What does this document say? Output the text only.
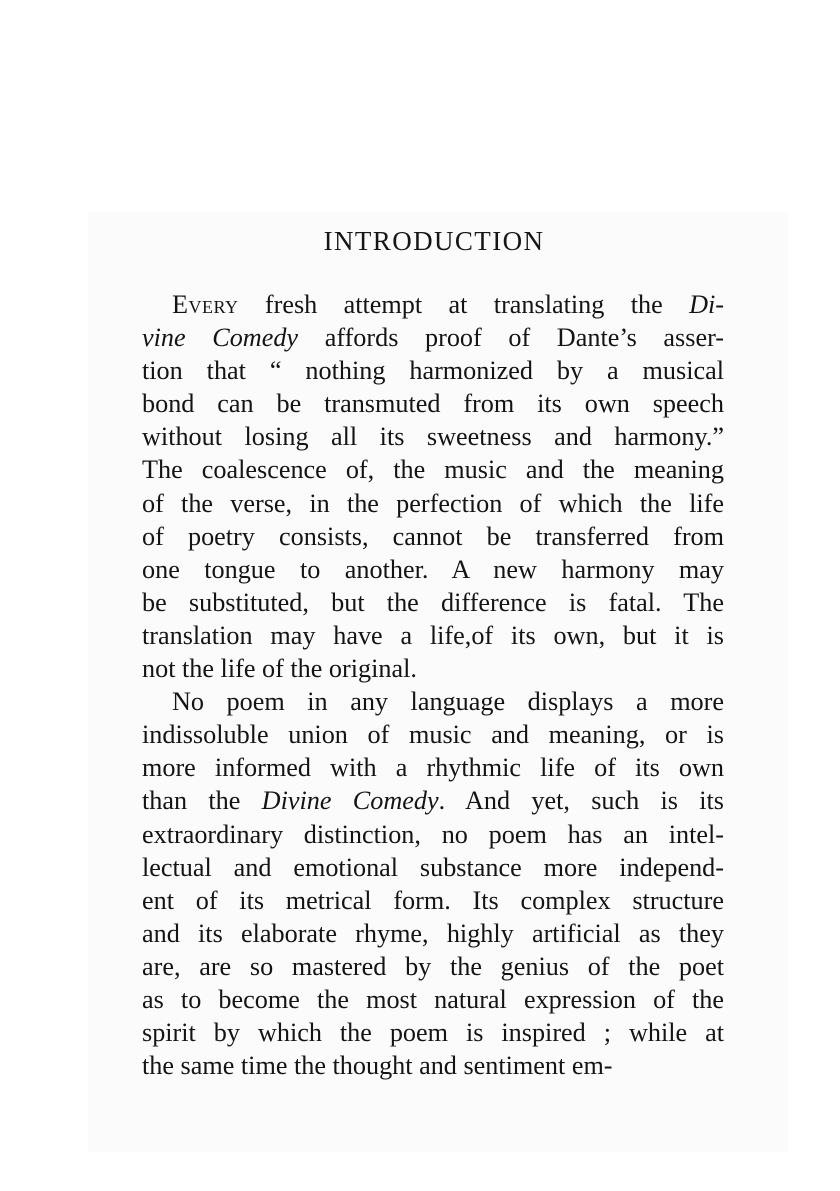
INTRODUCTION
Every fresh attempt at translating the Di-
vine Comedy affords proof of Dante’s asser-
tion that “ nothing harmonized by a musical
bond can be transmuted from its own speech
without losing all its sweetness and harmony.”
The coalescence of, the music and the meaning
of the verse, in the perfection of which the life
of poetry consists, cannot be transferred from
one tongue to another. A new harmony may
be substituted, but the difference is fatal. The
translation may have a life,of its own, but it is
not the life of the original.
No poem in any language displays a more
indissoluble union of music and meaning, or is
more informed with a rhythmic life of its own
than the Divine Comedy. And yet, such is its
extraordinary distinction, no poem has an intel-
lectual and emotional substance more independ-
ent of its metrical form. Its complex structure
and its elaborate rhyme, highly artificial as they
are, are so mastered by the genius of the poet
as to become the most natural expression of the
spirit by which the poem is inspired ; while at
the same time the thought and sentiment em-
